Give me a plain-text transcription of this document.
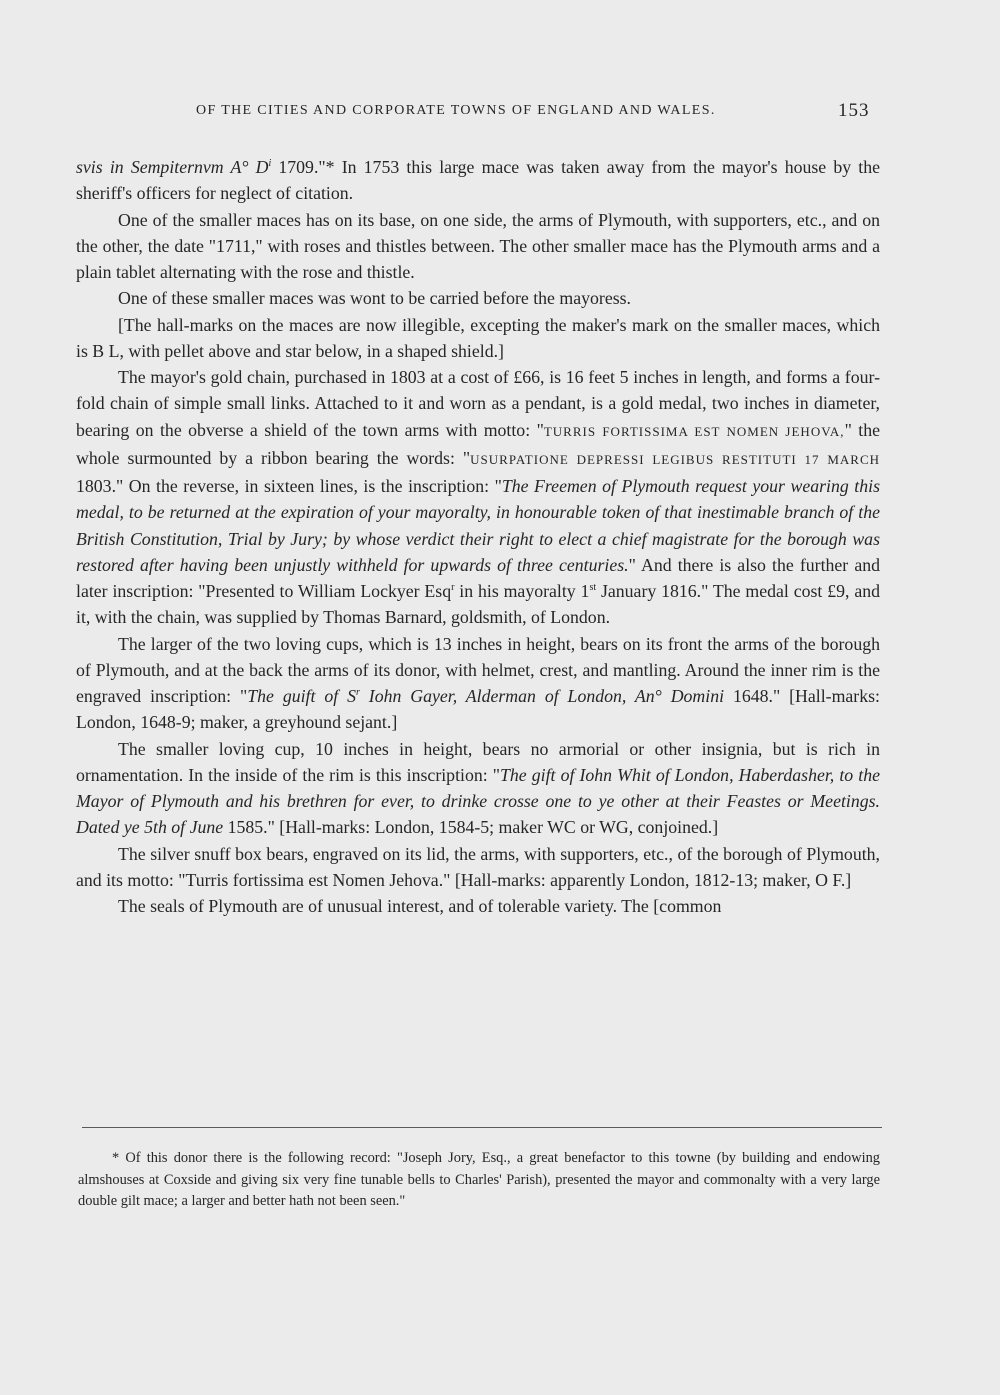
OF THE CITIES AND CORPORATE TOWNS OF ENGLAND AND WALES.	153

svis in Sempiternvm A° $D^i$ 1709."* In 1753 this large mace was taken away from the mayor's house by the sheriff's officers for neglect of citation.

One of the smaller maces has on its base, on one side, the arms of Plymouth, with supporters, etc., and on the other, the date "1711," with roses and thistles between. The other smaller mace has the Plymouth arms and a plain tablet alternating with the rose and thistle.

One of these smaller maces was wont to be carried before the mayoress.

[The hall-marks on the maces are now illegible, excepting the maker's mark on the smaller maces, which is B L, with pellet above and star below, in a shaped shield.]

The mayor's gold chain, purchased in 1803 at a cost of £66, is 16 feet 5 inches in length, and forms a four-fold chain of simple small links. Attached to it and worn as a pendant, is a gold medal, two inches in diameter, bearing on the obverse a shield of the town arms with motto: "TURRIS FORTISSIMA EST NOMEN JEHOVA," the whole surmounted by a ribbon bearing the words: "USURPATIONE DEPRESSI LEGIBUS RESTITUTI 17 MARCH 1803." On the reverse, in sixteen lines, is the inscription: "The Freemen of Plymouth request your wearing this medal, to be returned at the expiration of your mayoralty, in honourable token of that inestimable branch of the British Constitution, Trial by Jury; by whose verdict their right to elect a chief magistrate for the borough was restored after having been unjustly withheld for upwards of three centuries." And there is also the further and later inscription: "Presented to William Lockyer Esq$^r$ in his mayoralty 1st January 1816." The medal cost £9, and it, with the chain, was supplied by Thomas Barnard, goldsmith, of London.

The larger of the two loving cups, which is 13 inches in height, bears on its front the arms of the borough of Plymouth, and at the back the arms of its donor, with helmet, crest, and mantling. Around the inner rim is the engraved inscription: "The guift of $S^r$ Iohn Gayer, Alderman of London, An° Domini 1648." [Hall-marks: London, 1648-9; maker, a greyhound sejant.]

The smaller loving cup, 10 inches in height, bears no armorial or other insignia, but is rich in ornamentation. In the inside of the rim is this inscription: "The gift of Iohn Whit of London, Haberdasher, to the Mayor of Plymouth and his brethren for ever, to drinke crosse one to ye other at their Feastes or Meetings. Dated ye 5th of June 1585." [Hall-marks: London, 1584-5; maker WC or WG, conjoined.]

The silver snuff box bears, engraved on its lid, the arms, with supporters, etc., of the borough of Plymouth, and its motto: "Turris fortissima est Nomen Jehova." [Hall-marks: apparently London, 1812-13; maker, O F.]

The seals of Plymouth are of unusual interest, and of tolerable variety. The [common

* Of this donor there is the following record: "Joseph Jory, Esq., a great benefactor to this towne (by building and endowing almshouses at Coxside and giving six very fine tunable bells to Charles' Parish), presented the mayor and commonalty with a very large double gilt mace; a larger and better hath not been seen."
